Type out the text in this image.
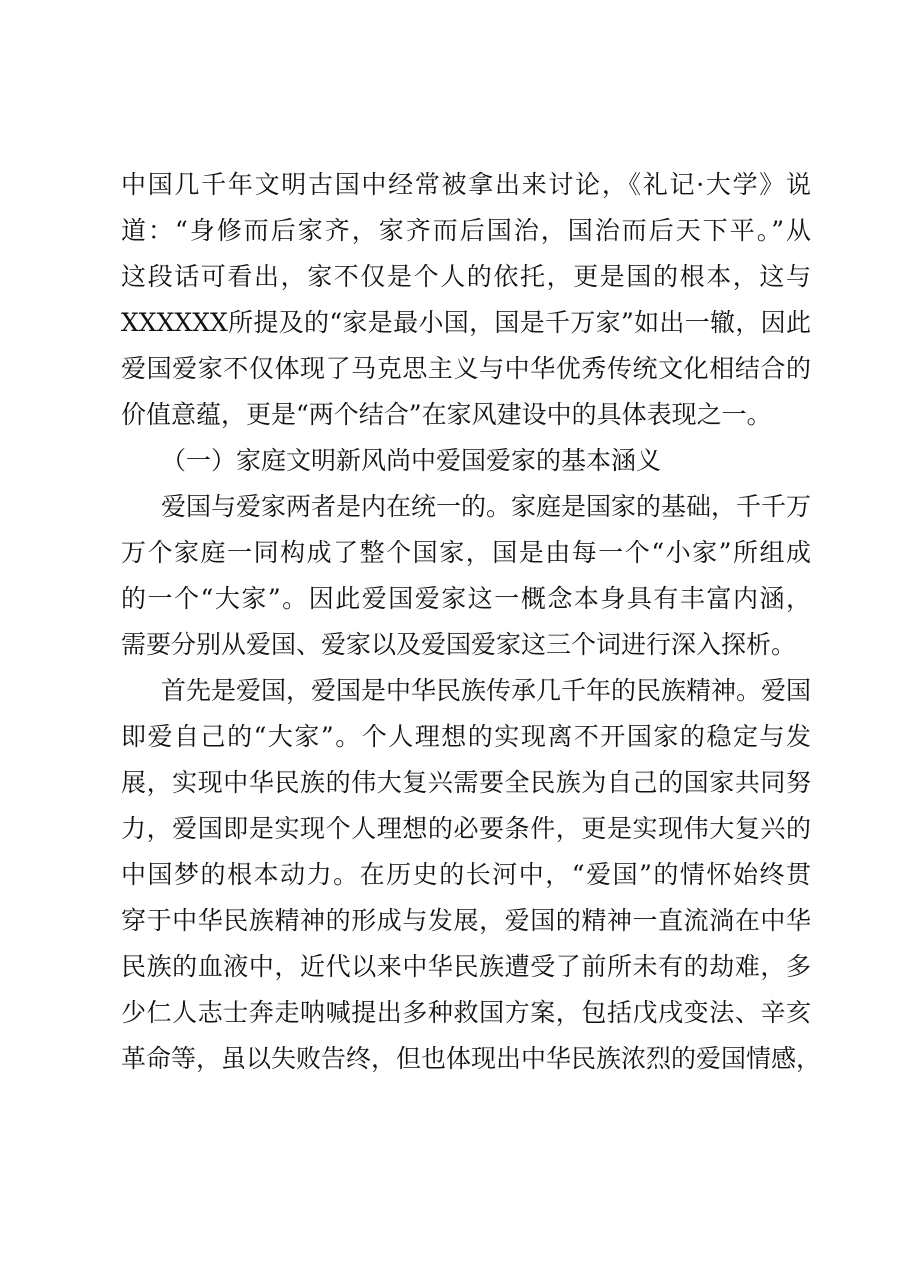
中国几千年文明古国中经常被拿出来讨论，《礼记·大学》说
道：“身修而后家齐，家齐而后国治，国治而后天下平。”从
这段话可看出，家不仅是个人的依托，更是国的根本，这与
XXXXXX所提及的“家是最小国，国是千万家”如出一辙，因此
爱国爱家不仅体现了马克思主义与中华优秀传统文化相结合的
价值意蕴，更是“两个结合”在家风建设中的具体表现之一。

（一）家庭文明新风尚中爱国爱家的基本涵义

爱国与爱家两者是内在统一的。家庭是国家的基础，千千万
万个家庭一同构成了整个国家，国是由每一个“小家”所组成
的一个“大家”。因此爱国爱家这一概念本身具有丰富内涵，
需要分别从爱国、爱家以及爱国爱家这三个词进行深入探析。

首先是爱国，爱国是中华民族传承几千年的民族精神。爱国
即爱自己的“大家”。个人理想的实现离不开国家的稳定与发
展，实现中华民族的伟大复兴需要全民族为自己的国家共同努
力，爱国即是实现个人理想的必要条件，更是实现伟大复兴的
中国梦的根本动力。在历史的长河中，“爱国”的情怀始终贯
穿于中华民族精神的形成与发展，爱国的精神一直流淌在中华
民族的血液中，近代以来中华民族遭受了前所未有的劫难，多
少仁人志士奔走呐喊提出多种救国方案，包括戊戌变法、辛亥
革命等，虽以失败告终，但也体现出中华民族浓烈的爱国情感，
